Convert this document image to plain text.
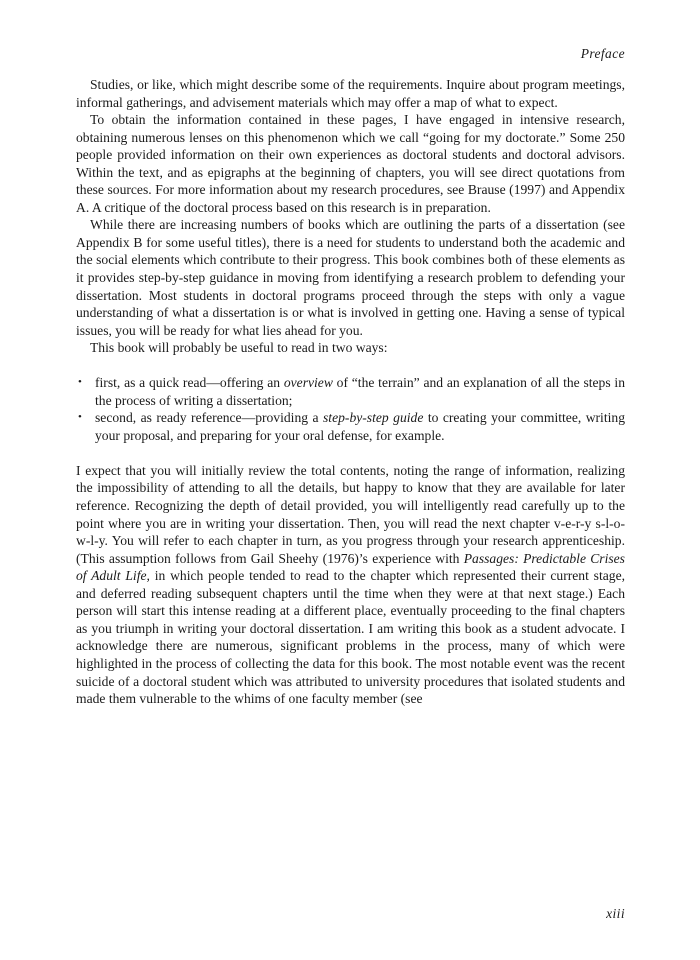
Preface

Studies, or like, which might describe some of the requirements. Inquire about program meetings, informal gatherings, and advisement materials which may offer a map of what to expect.

To obtain the information contained in these pages, I have engaged in intensive research, obtaining numerous lenses on this phenomenon which we call “going for my doctorate.” Some 250 people provided information on their own experiences as doctoral students and doctoral advisors. Within the text, and as epigraphs at the beginning of chapters, you will see direct quotations from these sources. For more information about my research procedures, see Brause (1997) and Appendix A. A critique of the doctoral process based on this research is in preparation.

While there are increasing numbers of books which are outlining the parts of a dissertation (see Appendix B for some useful titles), there is a need for students to understand both the academic and the social elements which contribute to their progress. This book combines both of these elements as it provides step-by-step guidance in moving from identifying a research problem to defending your dissertation. Most students in doctoral programs proceed through the steps with only a vague understanding of what a dissertation is or what is involved in getting one. Having a sense of typical issues, you will be ready for what lies ahead for you.

This book will probably be useful to read in two ways:

• first, as a quick read—offering an overview of “the terrain” and an explanation of all the steps in the process of writing a dissertation;
• second, as ready reference—providing a step-by-step guide to creating your committee, writing your proposal, and preparing for your oral defense, for example.

I expect that you will initially review the total contents, noting the range of information, realizing the impossibility of attending to all the details, but happy to know that they are available for later reference. Recognizing the depth of detail provided, you will intelligently read carefully up to the point where you are in writing your dissertation. Then, you will read the next chapter v-e-r-y s-l-o-w-l-y. You will refer to each chapter in turn, as you progress through your research apprenticeship. (This assumption follows from Gail Sheehy (1976)’s experience with Passages: Predictable Crises of Adult Life, in which people tended to read to the chapter which represented their current stage, and deferred reading subsequent chapters until the time when they were at that next stage.) Each person will start this intense reading at a different place, eventually proceeding to the final chapters as you triumph in writing your doctoral dissertation. I am writing this book as a student advocate. I acknowledge there are numerous, significant problems in the process, many of which were highlighted in the process of collecting the data for this book. The most notable event was the recent suicide of a doctoral student which was attributed to university procedures that isolated students and made them vulnerable to the whims of one faculty member (see

xiii
